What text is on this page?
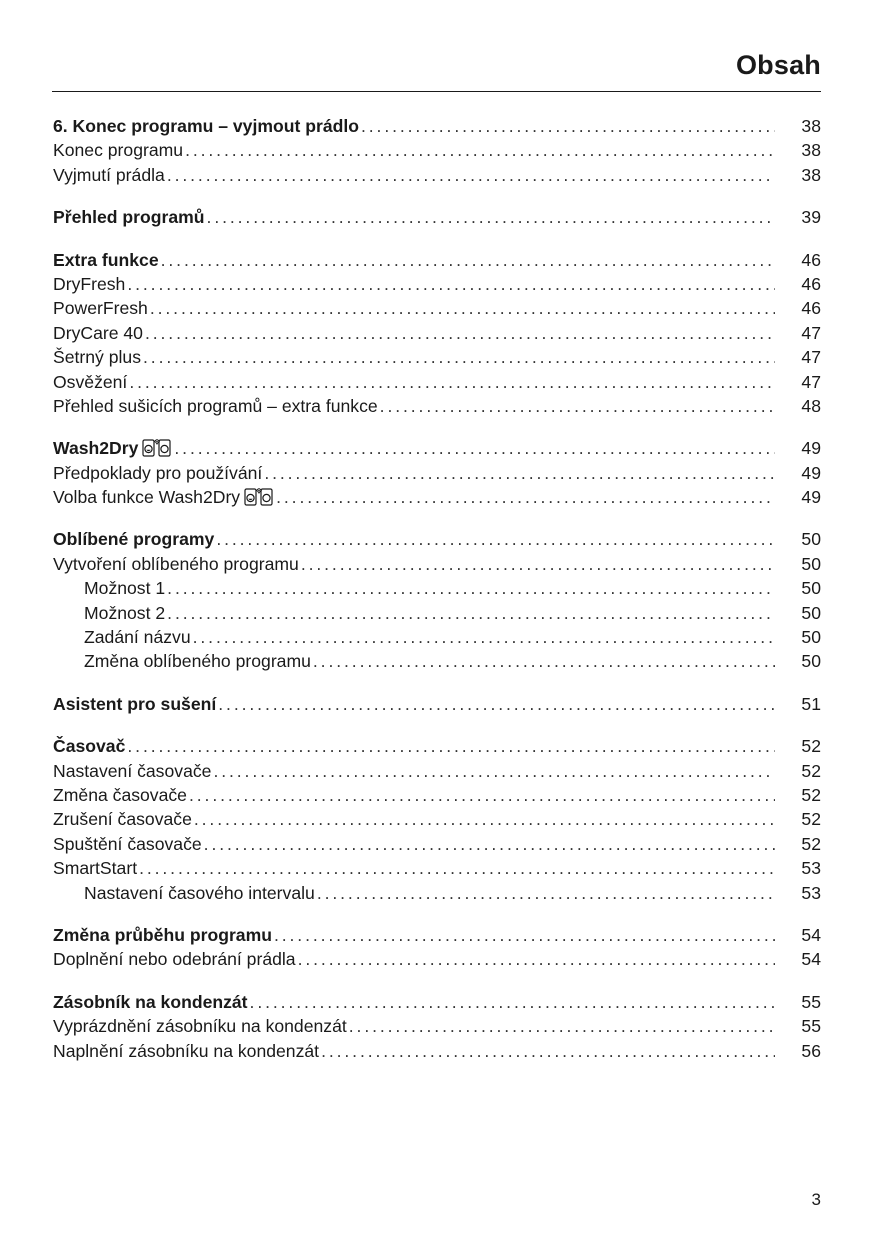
Obsah
6. Konec programu – vyjmout prádlo . . .	38
Konec programu . . .	38
Vyjmutí prádla . . .	38
Přehled programů . . .	39
Extra funkce . . .	46
DryFresh . . .	46
PowerFresh . . .	46
DryCare 40 . . .	47
Šetrný plus . . .	47
Osvěžení . . .	47
Přehled sušicích programů – extra funkce . . .	48
Wash2Dry . . .	49
Předpoklady pro používání . . .	49
Volba funkce Wash2Dry . . .	49
Oblíbené programy . . .	50
Vytvoření oblíbeného programu . . .	50
Možnost 1 . . .	50
Možnost 2 . . .	50
Zadání názvu . . .	50
Změna oblíbeného programu . . .	50
Asistent pro sušení . . .	51
Časovač . . .	52
Nastavení časovače . . .	52
Změna časovače . . .	52
Zrušení časovače . . .	52
Spuštění časovače . . .	52
SmartStart . . .	53
Nastavení časového intervalu . . .	53
Změna průběhu programu . . .	54
Doplnění nebo odebrání prádla . . .	54
Zásobník na kondenzát . . .	55
Vyprázdnění zásobníku na kondenzát . . .	55
Naplnění zásobníku na kondenzát . . .	56
3
